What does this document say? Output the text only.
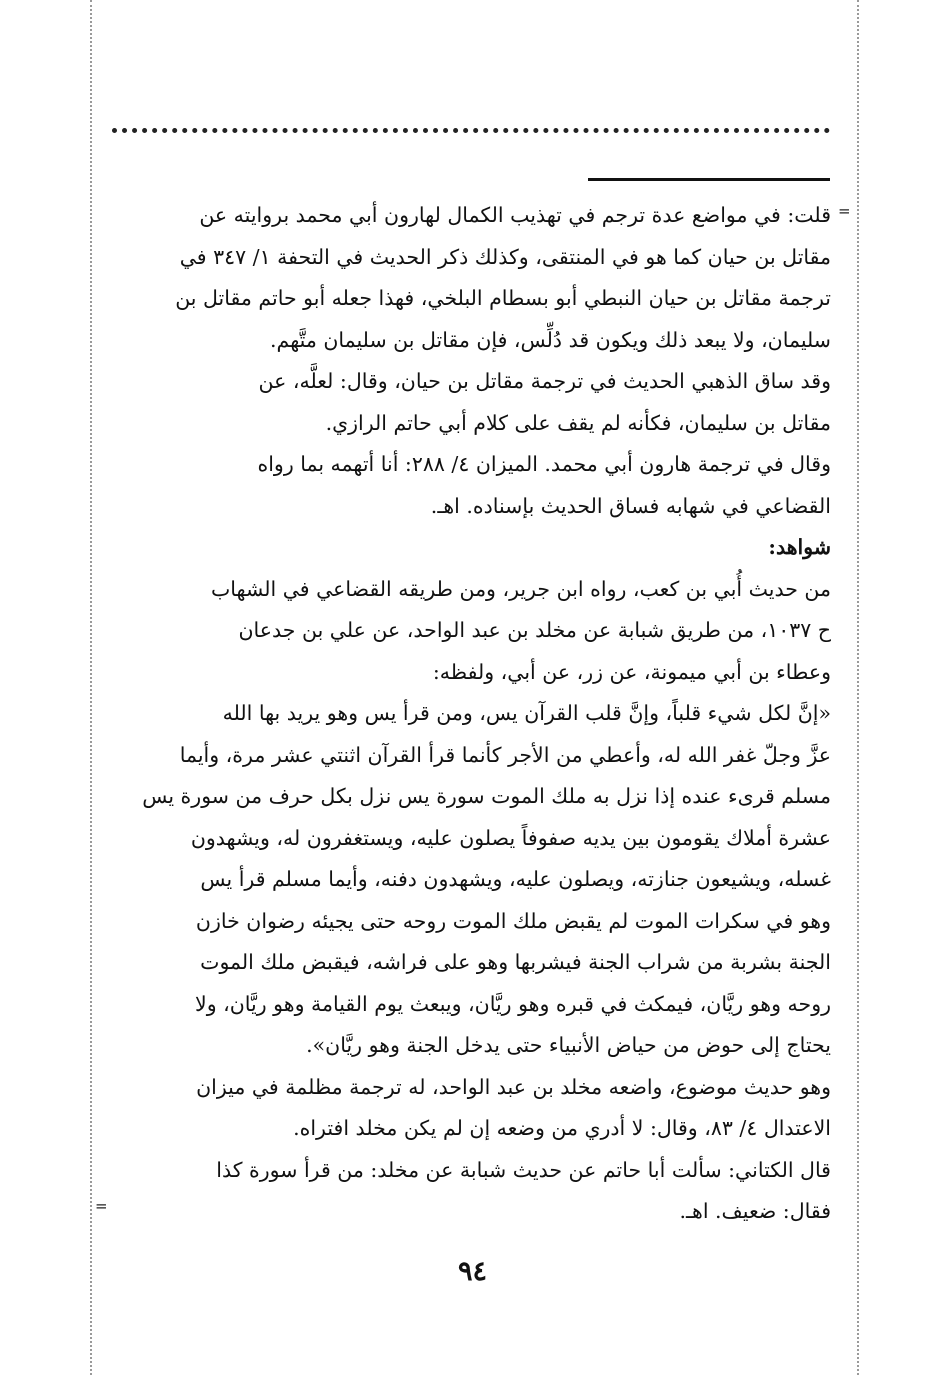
=
=
قلت: في مواضع عدة ترجم في تهذيب الكمال لهارون أبي محمد بروايته عن
مقاتل بن حيان كما هو في المنتقى، وكذلك ذكر الحديث في التحفة ١/ ٣٤٧ في
ترجمة مقاتل بن حيان النبطي أبو بسطام البلخي، فهذا جعله أبو حاتم مقاتل بن
سليمان، ولا يبعد ذلك ويكون قد دُلِّس، فإن مقاتل بن سليمان متَّهم.
وقد ساق الذهبي الحديث في ترجمة مقاتل بن حيان، وقال: لعلَّه، عن
مقاتل بن سليمان، فكأنه لم يقف على كلام أبي حاتم الرازي.
وقال في ترجمة هارون أبي محمد. الميزان ٤/ ٢٨٨: أنا أتهمه بما رواه
القضاعي في شهابه فساق الحديث بإسناده. اهـ.
شواهد:
من حديث أُبي بن كعب، رواه ابن جرير، ومن طريقه القضاعي في الشهاب
ح ١٠٣٧، من طريق شبابة عن مخلد بن عبد الواحد، عن علي بن جدعان
وعطاء بن أبي ميمونة، عن زر، عن أبي، ولفظه:
«إنَّ لكل شيء قلباً، وإنَّ قلب القرآن يس، ومن قرأ يس وهو يريد بها الله
عزَّ وجلّ غفر الله له، وأعطي من الأجر كأنما قرأ القرآن اثنتي عشر مرة، وأيما
مسلم قرىء عنده إذا نزل به ملك الموت سورة يس نزل بكل حرف من سورة يس
عشرة أملاك يقومون بين يديه صفوفاً يصلون عليه، ويستغفرون له، ويشهدون
غسله، ويشيعون جنازته، ويصلون عليه، ويشهدون دفنه، وأيما مسلم قرأ يس
وهو في سكرات الموت لم يقبض ملك الموت روحه حتى يجيئه رضوان خازن
الجنة بشربة من شراب الجنة فيشربها وهو على فراشه، فيقبض ملك الموت
روحه وهو ريَّان، فيمكث في قبره وهو ريَّان، ويبعث يوم القيامة وهو ريَّان، ولا
يحتاج إلى حوض من حياض الأنبياء حتى يدخل الجنة وهو ريَّان».
وهو حديث موضوع، واضعه مخلد بن عبد الواحد، له ترجمة مظلمة في ميزان
الاعتدال ٤/ ٨٣، وقال: لا أدري من وضعه إن لم يكن مخلد افتراه.
قال الكتاني: سألت أبا حاتم عن حديث شبابة عن مخلد: من قرأ سورة كذا
فقال: ضعيف. اهـ.
٩٤
